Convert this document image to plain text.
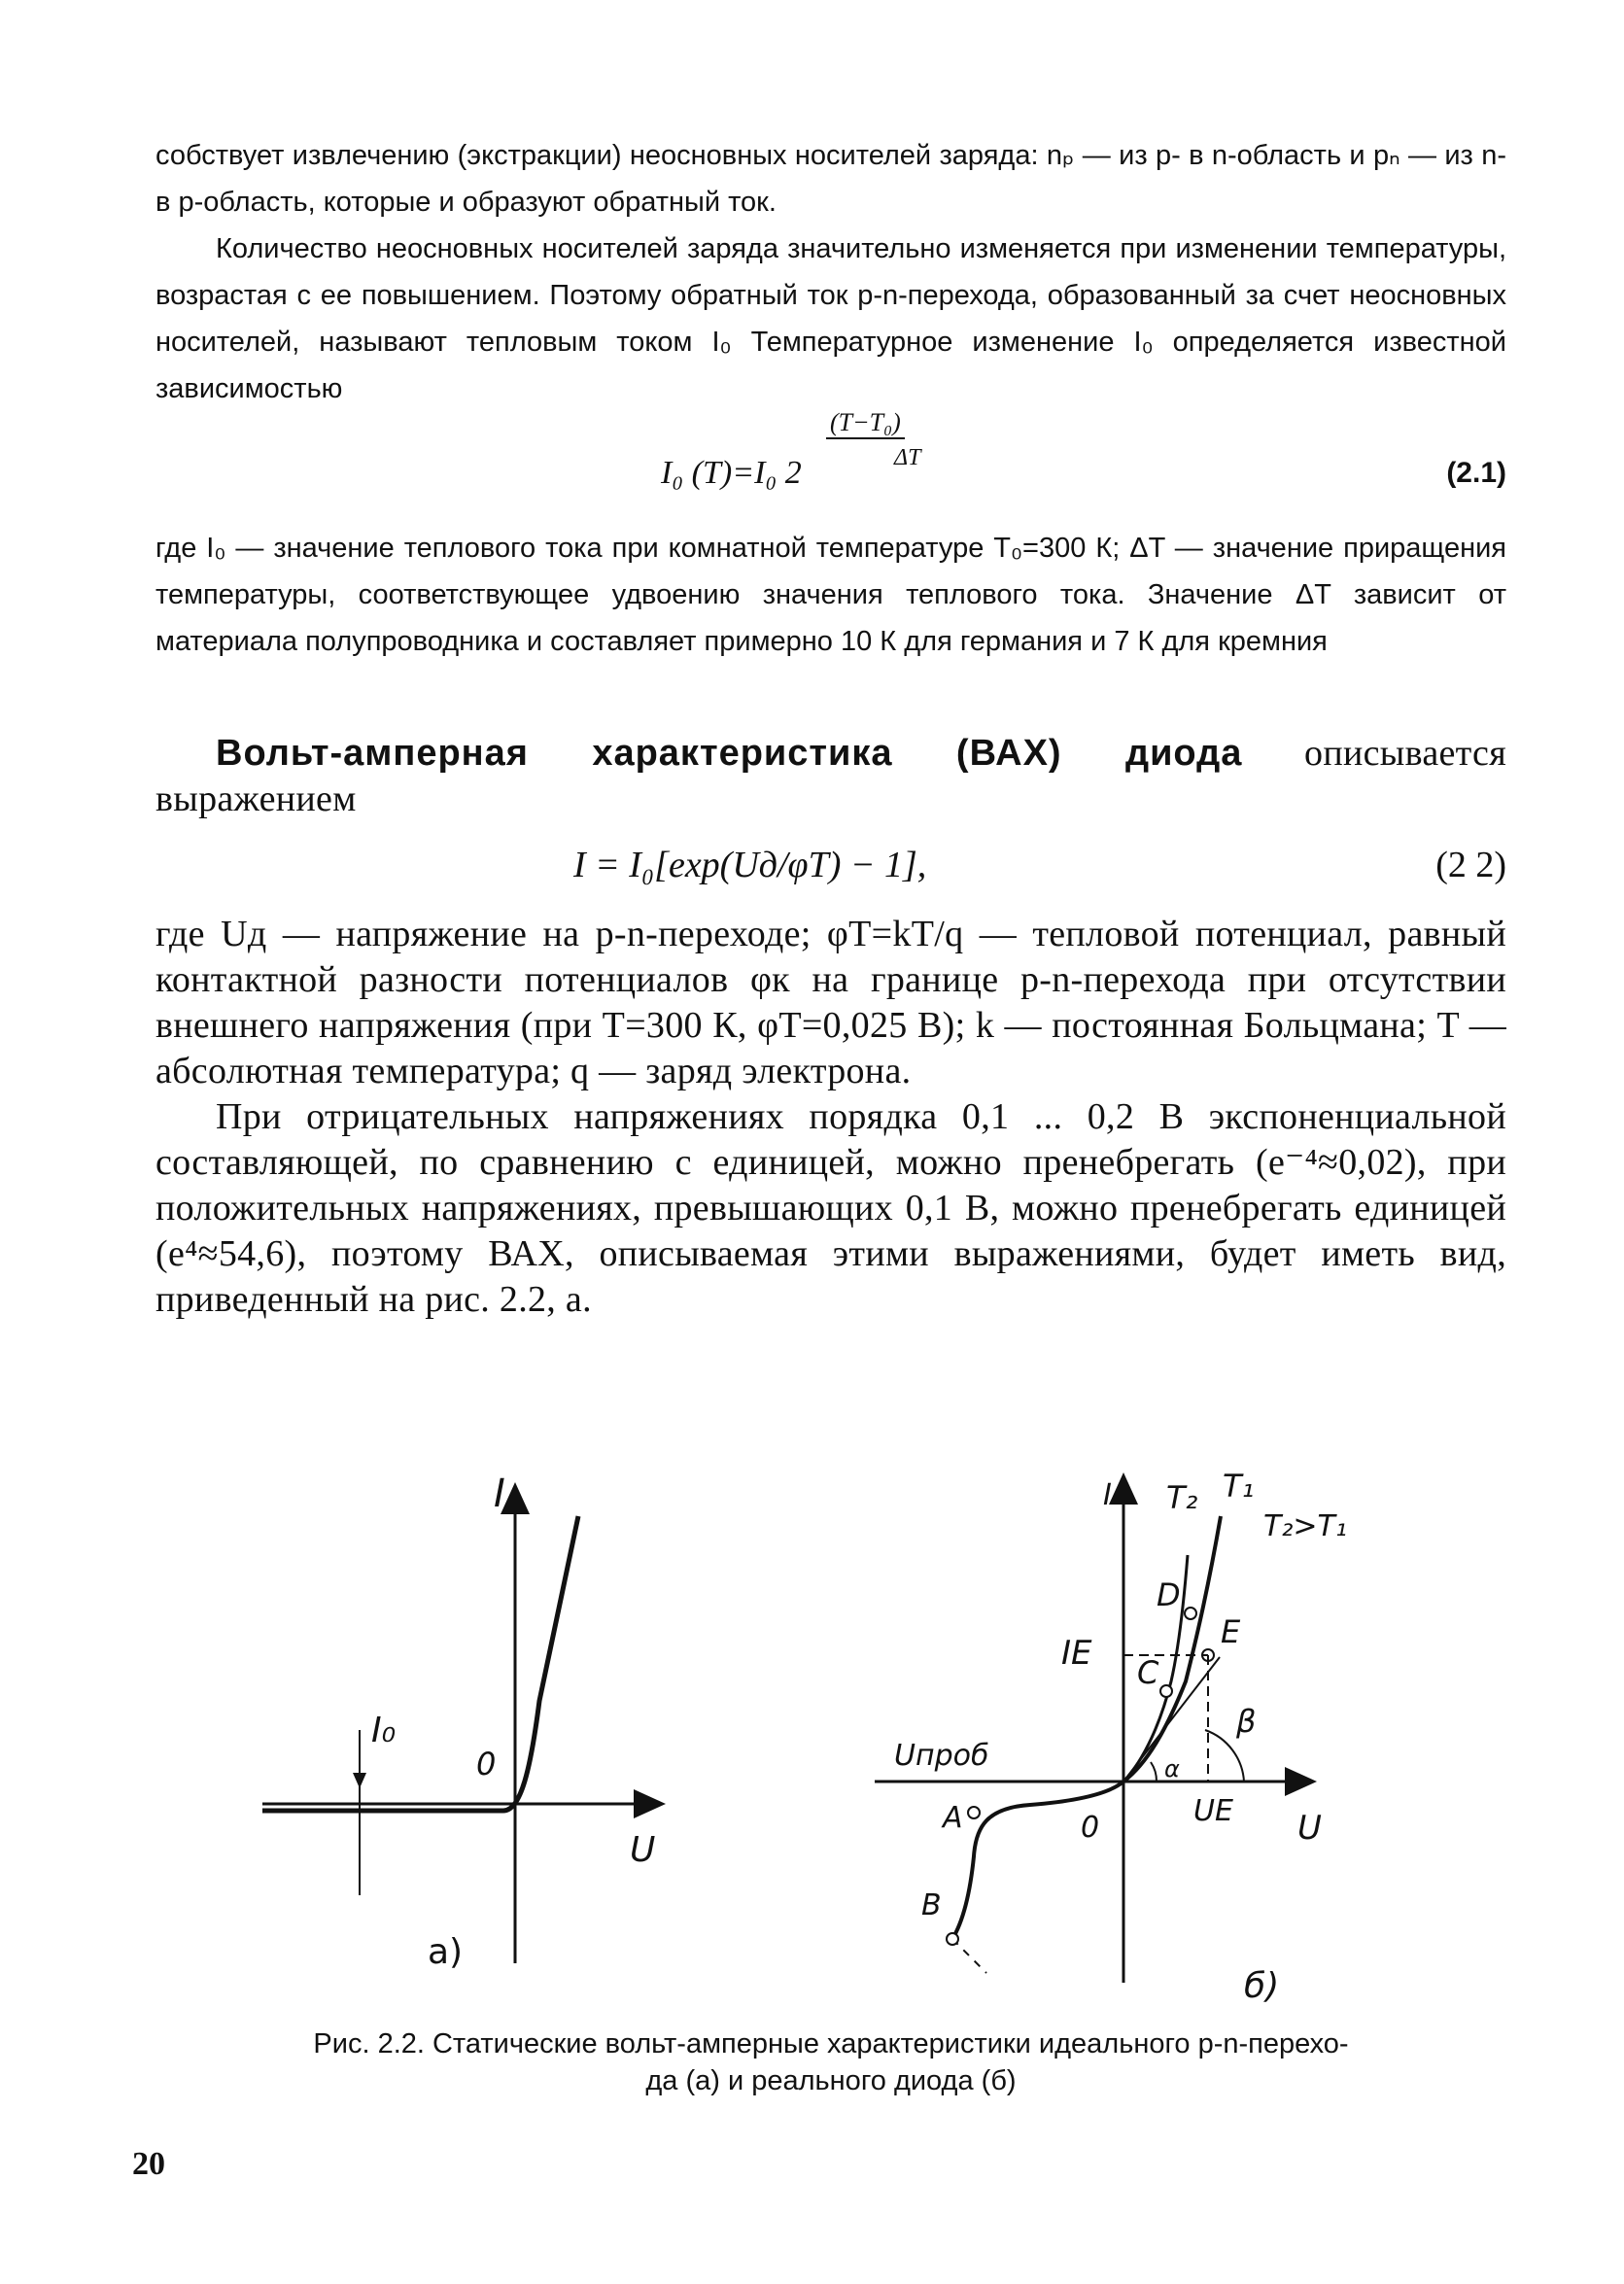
собствует извлечению (экстракции) неосновных носителей заряда: nₚ — из p- в n-область и pₙ — из n- в p-область, которые и образуют обратный ток.

Количество неосновных носителей заряда значительно изменяется при изменении температуры, возрастая с ее повышением. Поэтому обратный ток p-n-перехода, образованный за счет неосновных носителей, называют тепловым током I₀ Температурное изменение I₀ определяется известной зависимостью

(T−T₀)
ΔT
I₀ (T)=I₀ 2	(2.1)

где I₀ — значение теплового тока при комнатной температуре T₀=300 К; ΔT — значение приращения температуры, соответствующее удвоению значения теплового тока. Значение ΔT зависит от материала полупроводника и составляет примерно 10 К для германия и 7 К для кремния

Вольт-амперная характеристика (ВАХ) диода описывается выражением

I = I₀[exp(Uд/φT) − 1],	(2 2)

где Uд — напряжение на p-n-переходе; φT=kT/q — тепловой потенциал, равный контактной разности потенциалов φк на границе p-n-перехода при отсутствии внешнего напряжения (при T=300 К, φT=0,025 В); k — постоянная Больцмана; T — абсолютная температура; q — заряд электрона.

При отрицательных напряжениях порядка 0,1 ... 0,2 В экспоненциальной составляющей, по сравнению с единицей, можно пренебрегать (e⁻⁴≈0,02), при положительных напряжениях, превышающих 0,1 В, можно пренебрегать единицей (e⁴≈54,6), поэтому ВАХ, описываемая этими выражениями, будет иметь вид, приведенный на рис. 2.2, а.

I
U
0
I₀
а)
I
U
0
T₂ T₁
T₂>T₁
D
E
C
A
B
IE
UE
Uпроб	α
β
б)
Рис. 2.2. Статические вольт-амперные характеристики идеального p-n-перехо-
да (а) и реального диода (б)
20
